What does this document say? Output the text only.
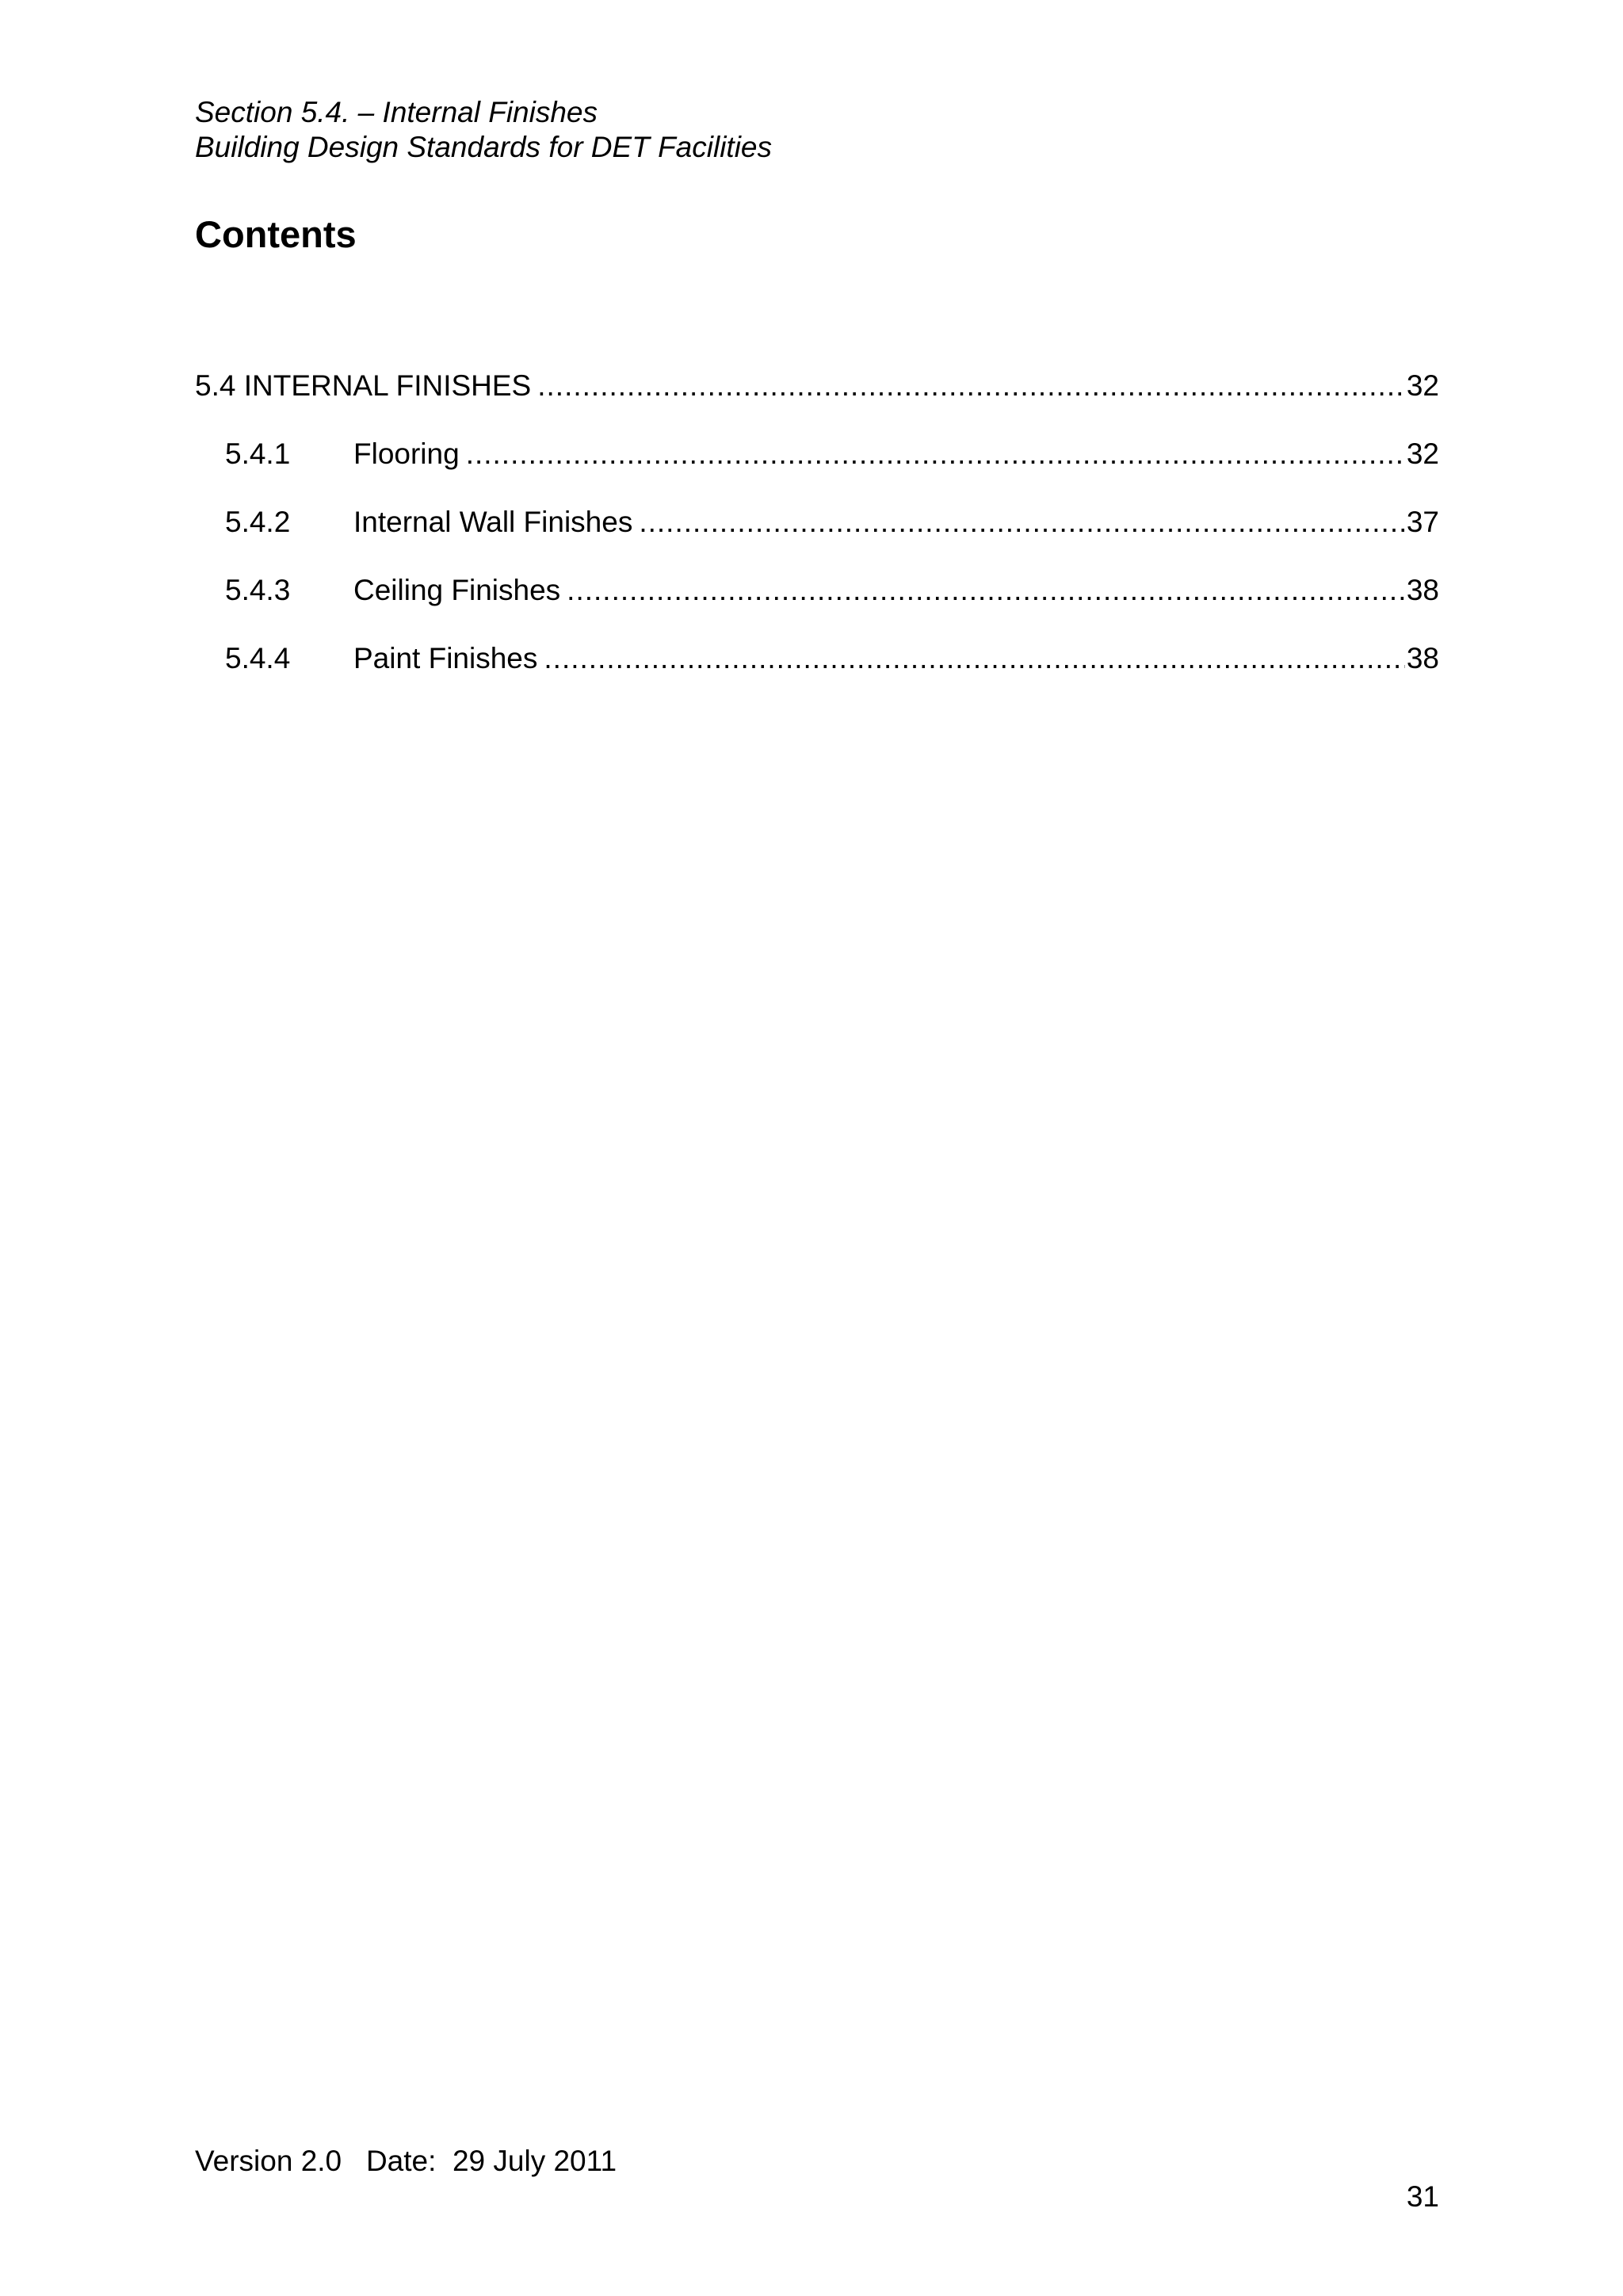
Section 5.4. – Internal Finishes
Building Design Standards for DET Facilities
Contents
5.4 INTERNAL FINISHES .....	32
5.4.1	Flooring .....	32
5.4.2	Internal Wall Finishes .....	37
5.4.3	Ceiling Finishes .....	38
5.4.4	Paint Finishes .....	38
Version 2.0   Date:  29 July 2011
31
